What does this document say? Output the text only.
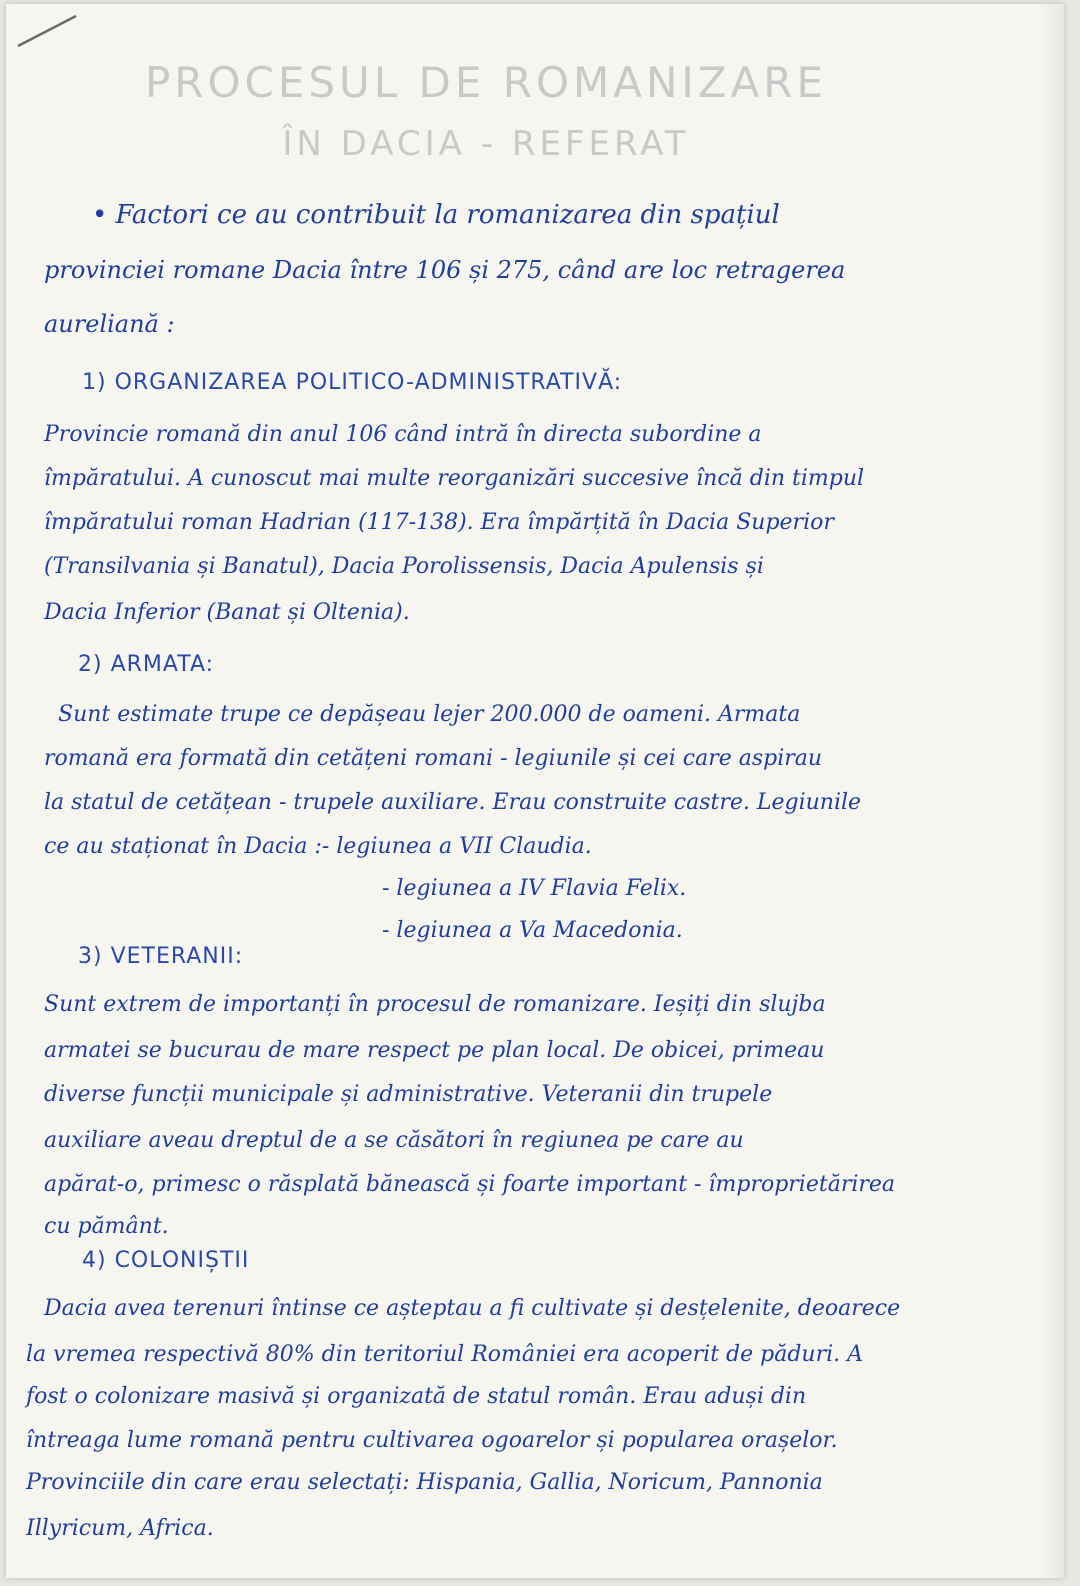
PROCESUL DE ROMANIZARE
ÎN DACIA - REFERAT
• Factori ce au contribuit la romanizarea din spațiul
provinciei romane Dacia între 106 și 275, când are loc retragerea
aureliană :
1) ORGANIZAREA POLITICO-ADMINISTRATIVĂ:
Provincie romană din anul 106 când intră în directa subordine a
împăratului. A cunoscut mai multe reorganizări succesive încă din timpul
împăratului roman Hadrian (117-138). Era împărțită în Dacia Superior
(Transilvania și Banatul), Dacia Porolissensis, Dacia Apulensis și
Dacia Inferior (Banat și Oltenia).
2) ARMATA:
Sunt estimate trupe ce depășeau lejer 200.000 de oameni. Armata
romană era formată din cetățeni romani - legiunile și cei care aspirau
la statul de cetățean - trupele auxiliare. Erau construite castre. Legiunile
ce au staționat în Dacia :- legiunea a VII Claudia.
- legiunea a IV Flavia Felix.
- legiunea a Va Macedonia.
3) VETERANII:
Sunt extrem de importanți în procesul de romanizare. Ieșiți din slujba
armatei se bucurau de mare respect pe plan local. De obicei, primeau
diverse funcții municipale și administrative. Veteranii din trupele
auxiliare aveau dreptul de a se căsători în regiunea pe care au
apărat-o, primesc o răsplată bănească și foarte important - împroprietărirea
cu pământ.
4) COLONIȘTII
Dacia avea terenuri întinse ce așteptau a fi cultivate și desțelenite, deoarece
la vremea respectivă 80% din teritoriul României era acoperit de păduri. A
fost o colonizare masivă și organizată de statul român. Erau aduși din
întreaga lume romană pentru cultivarea ogoarelor și popularea orașelor.
Provinciile din care erau selectați: Hispania, Gallia, Noricum, Pannonia
Illyricum, Africa.
